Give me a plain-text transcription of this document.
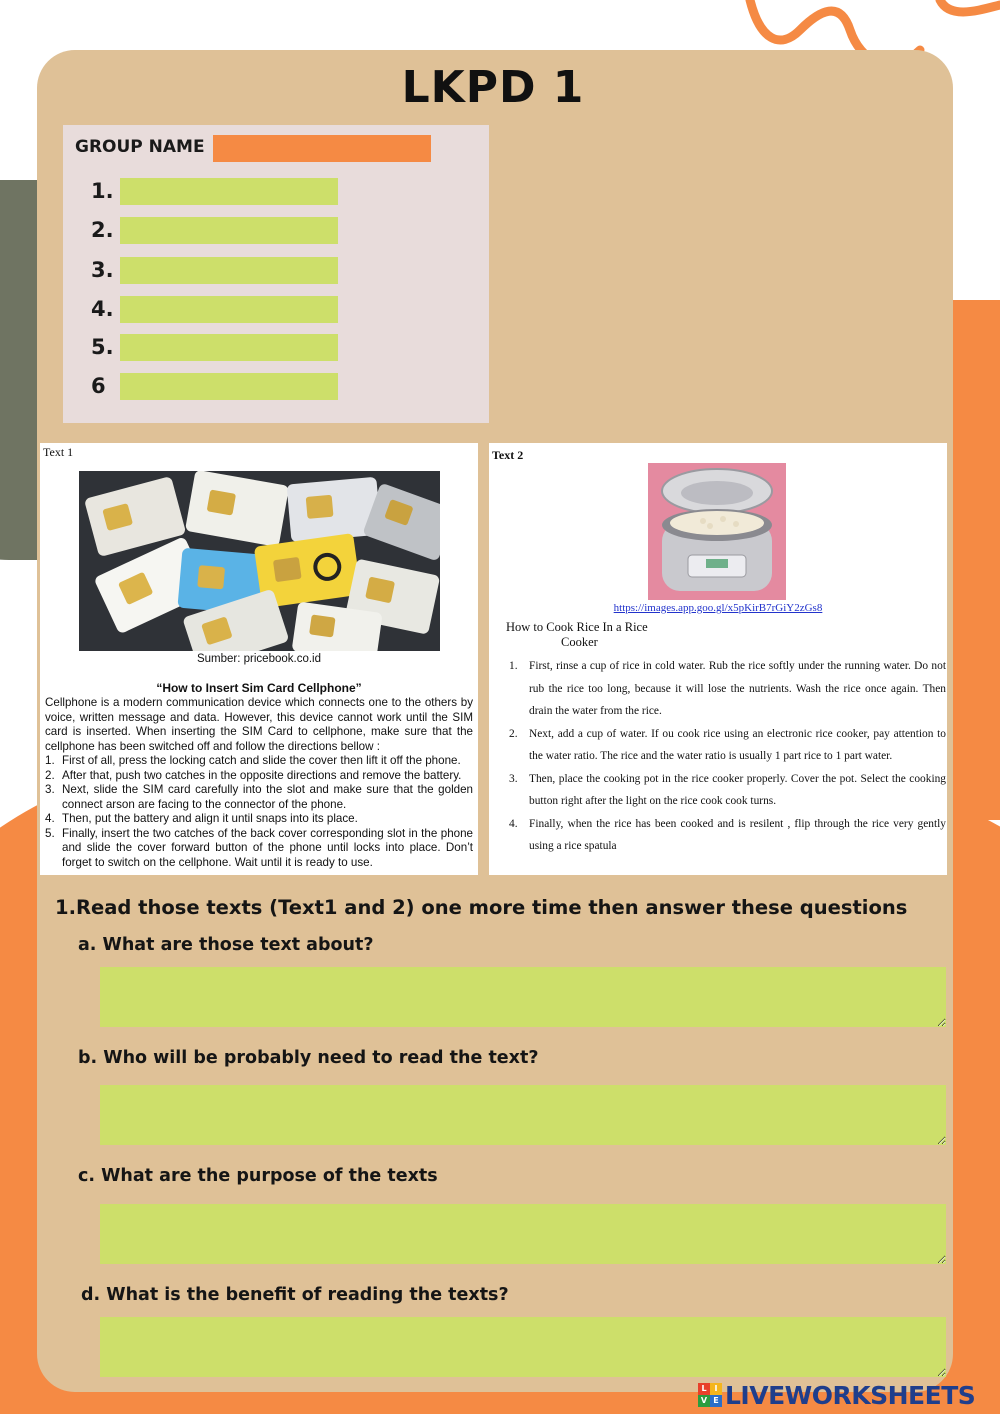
LKPD 1
GROUP NAME
1.
2.
3.
4.
5.
6
Text 1
Sumber: pricebook.co.id
“How to Insert Sim Card Cellphone”
Cellphone is a modern communication device which connects one to the others by voice, written message and data. However, this device cannot work until the SIM card is inserted. When inserting the SIM Card to cellphone, make sure that the cellphone has been switched off and follow the directions bellow :
1. First of all, press the locking catch and slide the cover then lift it off the phone.
2. After that, push two catches in the opposite directions and remove the battery.
3. Next, slide the SIM card carefully into the slot and make sure that the golden connect arson are facing to the connector of the phone.
4. Then, put the battery and align it until snaps into its place.
5. Finally, insert the two catches of the back cover corresponding slot in the phone and slide the cover forward button of the phone until locks into place. Don’t forget to switch on the cellphone. Wait until it is ready to use.
Text 2
https://images.app.goo.gl/x5pKirB7rGiY2zGs8
How to Cook Rice In a Rice
Cooker
1. First, rinse a cup of rice in cold water. Rub the rice softly under the running water. Do not rub the rice too long, because it will lose the nutrients. Wash the rice once again. Then drain the water from the rice.
2. Next, add a cup of water. If ou cook rice using an electronic rice cooker, pay attention to the water ratio. The rice and the water ratio is usually 1 part rice to 1 part water.
3. Then, place the cooking pot in the rice cooker properly. Cover the pot. Select the cooking button right after the light on the rice cook cook turns.
4. Finally, when the rice has been cooked and is resilent , flip through the rice very gently using a rice spatula
1.Read those texts (Text1 and 2) one more time then answer these questions
a. What are those text about?
b. Who will be probably need to read the text?
c. What are the purpose of the texts
d. What is the benefit of reading the texts?
L I
V E LIVEWORKSHEETS
